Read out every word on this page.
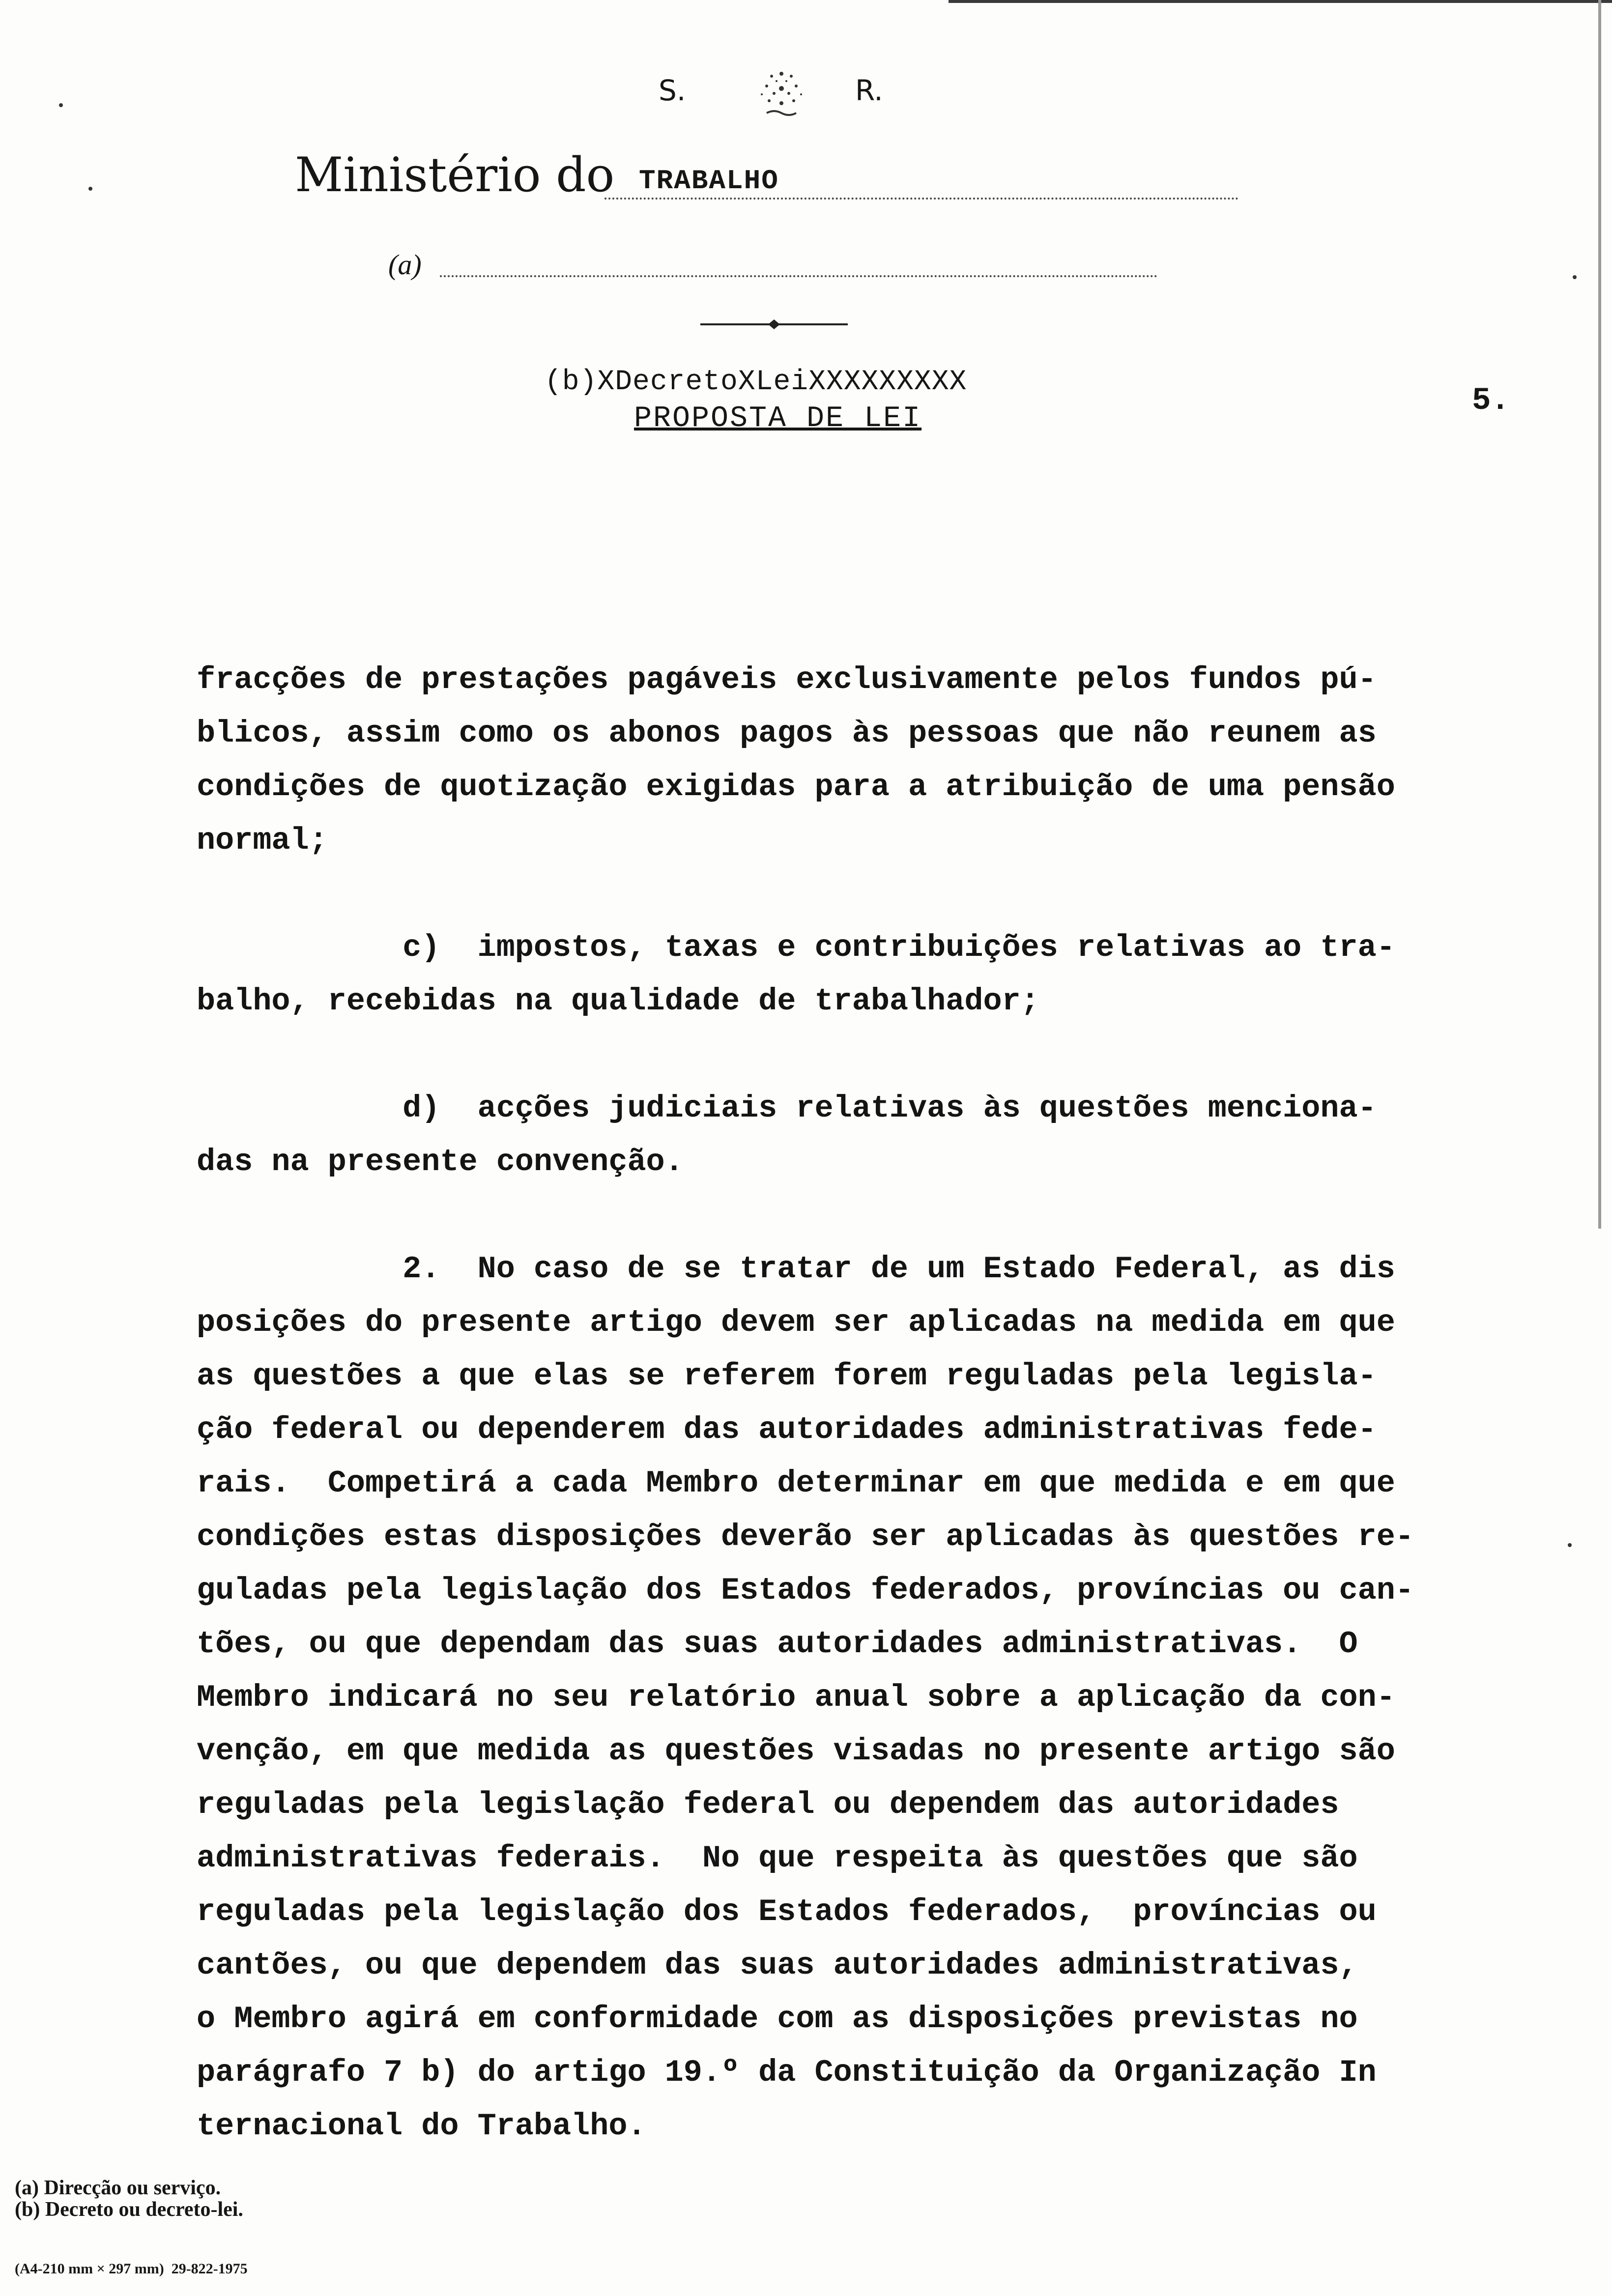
S.	R.
Ministério do TRABALHO
(a)
(b)XDecretoXLeiXXXXXXXXX
PROPOSTA DE LEI	5.

fracções de prestações pagáveis exclusivamente pelos fundos pú-

blicos, assim como os abonos pagos às pessoas que não reunem as

condições de quotização exigidas para a atribuição de uma pensão

normal;

c)  impostos, taxas e contribuições relativas ao tra-

balho, recebidas na qualidade de trabalhador;

d)  acções judiciais relativas às questões menciona-

das na presente convenção.

2.  No caso de se tratar de um Estado Federal, as dis

posições do presente artigo devem ser aplicadas na medida em que

as questões a que elas se referem forem reguladas pela legisla-

ção federal ou dependerem das autoridades administrativas fede-

rais.  Competirá a cada Membro determinar em que medida e em que

condições estas disposições deverão ser aplicadas às questões re-

guladas pela legislação dos Estados federados, províncias ou can-

tões, ou que dependam das suas autoridades administrativas.  O

Membro indicará no seu relatório anual sobre a aplicação da con-

venção, em que medida as questões visadas no presente artigo são

reguladas pela legislação federal ou dependem das autoridades

administrativas federais.  No que respeita às questões que são

reguladas pela legislação dos Estados federados,  províncias ou

cantões, ou que dependem das suas autoridades administrativas,

o Membro agirá em conformidade com as disposições previstas no

parágrafo 7 b) do artigo 19.º da Constituição da Organização In

ternacional do Trabalho.

(a) Direcção ou serviço.

(b) Decreto ou decreto-lei.

(A4-210 mm × 297 mm)  29-822-1975
